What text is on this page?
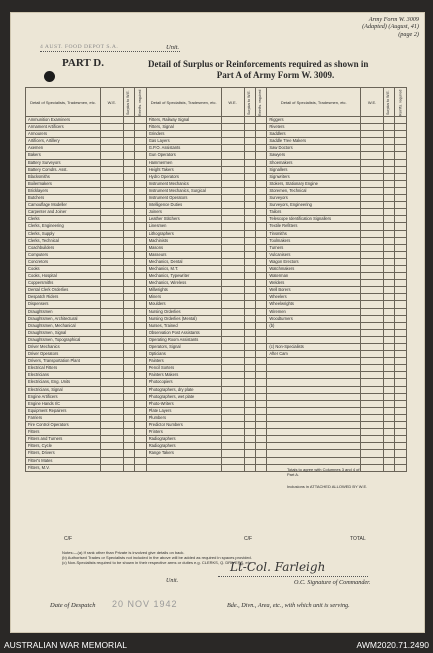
Army Form W. 3009
(Adapted) (August, 41)
(page 2)
4 AUST. FOOD DEPOT S.A.	Unit.
PART D.	Detail of Surplus or Reinforcements required as shown in
Part A of Army Form W. 3009.
Detail of Specialists, Tradesmen, etc.	W.E.	Surplus to W.E.	Reinfts. required	Detail of Specialists, Tradesmen, etc.	W.E.	Surplus to W.E.	Reinfts. required	Detail of Specialists, Tradesmen, etc.	W.E.	Surplus to W.E.	Reinfts. required
Ammunition Examiners				Fitters, Railway Signal				Riggers			
Armament Artificers				Fitters, Signal				Riveters			
Armourers				Grinders				Saddlers			
Artificers, Artillery				Gas Layers				Saddle Tree Makers			
Axemen				G.P.O. Assistants				Saw Doctors			
Bakers				Gun Operators				Sawyers			
Battery Surveyors				Hammermen				Shoemakers			
Battery Comdrs. Asst.				Height Takers				Signallers			
Blacksmiths				Hydro Operators				Signwriters			
Boilermakers				Instrument Mechanics				Stokers, Stationary Engine			
Bricklayers				Instrument Mechanics, Surgical				Storemen, Technical			
Butchers				Instrument Operators				Surveyors			
Camouflage Modeller				Intelligence Duties				Surveyors, Engineering			
Carpenter and Joiner				Joiners				Tailors			
Clerks				Leather Stitchers				Telescope Identification Signallers			
Clerks, Engineering				Linesmen				Textile Refitters			
Clerks, Supply				Lithographers				Tinsmiths			
Clerks, Technical				Machinists				Toolmakers			
Coachbuilders				Masons				Turners			
Computers				Masseurs				Vulcanisers			
Concretors				Mechanics, Dental				Wagon Erectors			
Cooks				Mechanics, M.T.				Watchmakers			
Cooks, Hospital				Mechanics, Typewriter				Waterman			
Coppersmiths				Mechanics, Wireless				Welders			
Dental Clerk Orderlies				Millwrights				Well Borers			
Despatch Riders				Miners				Wheelers			
Dispensers				Moulders				Wheelwrights			
Draughtsmen				Nursing Orderlies				Wiremen			
Draughtsmen, Architectural				Nursing Orderlies (Mental)				Woodturners			
Draughtsmen, Mechanical				Nurses, Trained				(b)			
Draughtsmen, Signal				Observation Post Assistants							
Draughtsmen, Topographical				Operating Room Assistants							
Driver Mechanics				Operators, Signal				(c) Non-Specialists			
Driver Operators				Opticians				After Cam			
Drivers, Transportation Plant				Painters							
Electrical Fitters				Pencil Sorters							
Electricians				Painters Makers							
Electricians, Eng. Units				Photocopiers							
Electricians, Signal				Photographers, dry plate							
Engine Artificers				Photographers, wet plate							
Engine Hands I/C				Photo-Writers							
Equipment Repairers				Plate Layers							
Farriers				Plumbers							
Fire Control Operators				Predictor Numbers							
Fitters				Printers							
Fitters and Turners				Radiographers							
Fitters, Cycle				Radiographers							
Fitters, Drivers				Range Takers							
Fitter's Mates											
Fitters, M.V.												Totals to agree with Columnes 3 and 4 of Part A.
Inclusions in ATTACHED ALLOWED BY W.E.
C/F	C/F	TOTAL
Notes:—(a) If rank other than Private is involved give details on back.
(b) Authorised Trades or Specialists not included in the above will be added as required in spaces provided.
(c) Non-Specialists required to be shown in their respective arms or duties e.g. CLERKS, Q. DRIVERS, etc.
Lt-Col. Farleigh
Unit.	O.C. Signature of Commander.
Date of Despatch 20 NOV 1942	Bde., Divn., Area, etc., with which unit is serving.
AUSTRALIAN WAR MEMORIAL	AWM2020.71.2490
